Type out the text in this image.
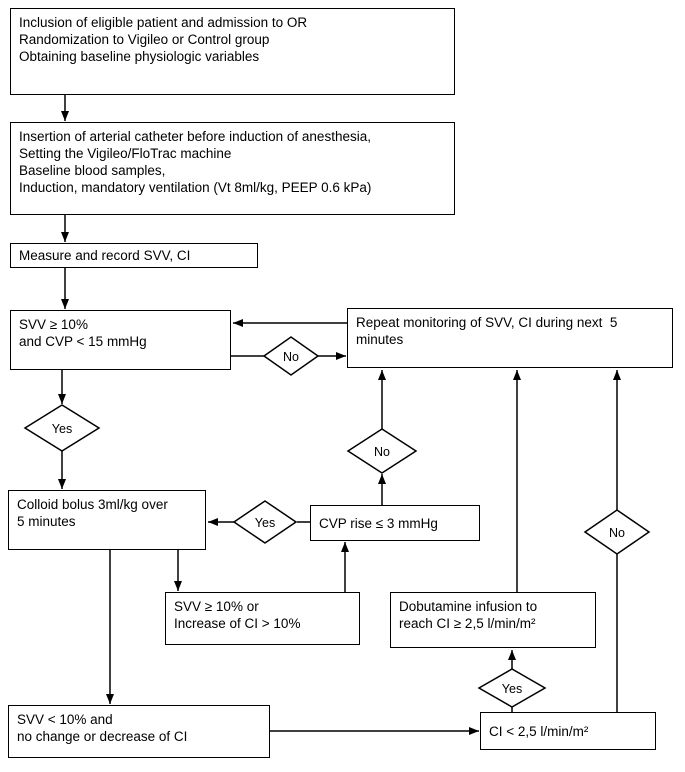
No
Yes
No
Yes
Yes
No
Inclusion of eligible patient and admission to OR
Randomization to Vigileo or Control group
Obtaining baseline physiologic variables
Insertion of arterial catheter before induction of anesthesia,
Setting the Vigileo/FloTrac machine
Baseline blood samples,
Induction, mandatory ventilation (Vt 8ml/kg, PEEP 0.6 kPa)
Measure and record SVV, CI
SVV ≥ 10%
and CVP < 15 mmHg
Repeat monitoring of SVV, CI during next  5
minutes
Colloid bolus 3ml/kg over
5 minutes	CVP rise ≤ 3 mmHg
SVV ≥ 10% or
Increase of CI > 10%
Dobutamine infusion to
reach CI ≥ 2,5 l/min/m²
SVV < 10% and
no change or decrease of CI	CI < 2,5 l/min/m²
